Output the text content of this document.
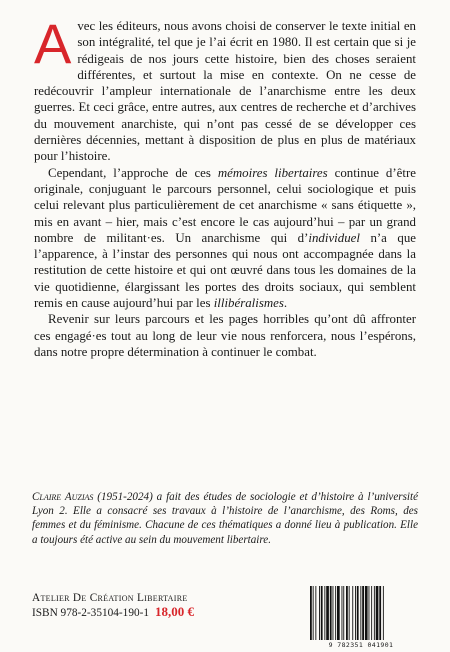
Avec les éditeurs, nous avons choisi de conserver le texte initial en son intégralité, tel que je l’ai écrit en 1980. Il est certain que si je rédigeais de nos jours cette histoire, bien des choses seraient différentes, et surtout la mise en contexte. On ne cesse de redécouvrir l’ampleur internationale de l’anarchisme entre les deux guerres. Et ceci grâce, entre autres, aux centres de recherche et d’archives du mouvement anarchiste, qui n’ont pas cessé de se développer ces dernières décennies, mettant à disposition de plus en plus de matériaux pour l’histoire.

Cependant, l’approche de ces mémoires libertaires continue d’être originale, conjuguant le parcours personnel, celui sociologique et puis celui relevant plus particulièrement de cet anarchisme « sans étiquette », mis en avant – hier, mais c’est encore le cas aujourd’hui – par un grand nombre de militant·es. Un anarchisme qui d’individuel n’a que l’apparence, à l’instar des personnes qui nous ont accompagnée dans la restitution de cette histoire et qui ont œuvré dans tous les domaines de la vie quotidienne, élargissant les portes des droits sociaux, qui semblent remis en cause aujourd’hui par les illibéralismes.

Revenir sur leurs parcours et les pages horribles qu’ont dû affronter ces engagé·es tout au long de leur vie nous renforcera, nous l’espérons, dans notre propre détermination à continuer le combat.

Claire Auzias (1951-2024) a fait des études de sociologie et d’histoire à l’université Lyon 2. Elle a consacré ses travaux à l’histoire de l’anarchisme, des Roms, des femmes et du féminisme. Chacune de ces thématiques a donné lieu à publication. Elle a toujours été active au sein du mouvement libertaire.

Atelier De Création Libertaire
ISBN 978-2-35104-190-1 18,00 €
9 782351 041901
